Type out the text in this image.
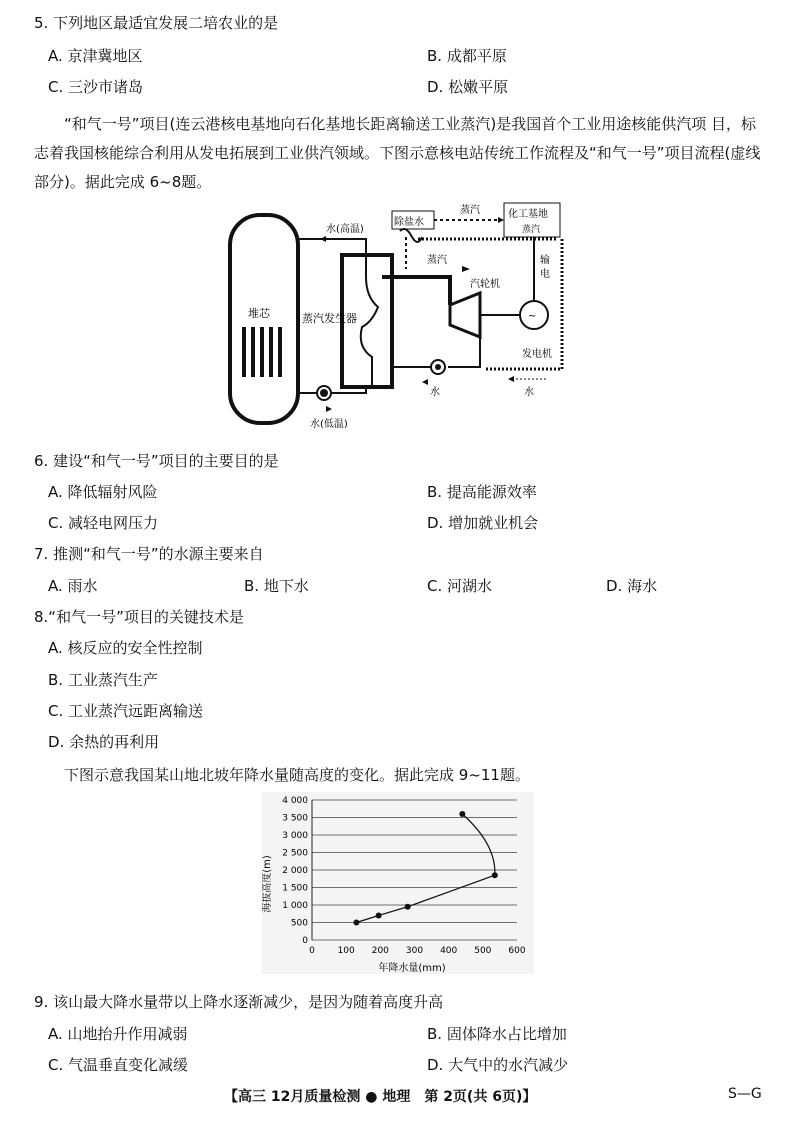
5. 下列地区最适宜发展二培农业的是
A. 京津冀地区	B. 成都平原
C. 三沙市诸岛	D. 松嫩平原
“和气一号”项目(连云港核电基地向石化基地长距离输送工业蒸汽)是我国首个工业用途核能供汽项 目，标志着我国核能综合利用从发电拓展到工业供汽领域。下图示意核电站传统工作流程及“和气一号”项目流程(虚线部分)。据此完成 6~8题。
堆芯
水(高温)
蒸汽发生器
水(低温)
蒸汽
汽轮机
~
发电机
输
电
水
除盐水
化工基地
蒸汽
蒸汽
水
6. 建设“和气一号”项目的主要目的是
A. 降低辐射风险	B. 提高能源效率
C. 减轻电网压力	D. 增加就业机会
7. 推测“和气一号”的水源主要来自
A. 雨水	B. 地下水	C. 河湖水	D. 海水
8.“和气一号”项目的关键技术是
A. 核反应的安全性控制
B. 工业蒸汽生产
C. 工业蒸汽远距离输送
D. 余热的再利用
下图示意我国某山地北坡年降水量随高度的变化。据此完成 9~11题。
0
500
1 000
1 500
2 000
2 500
3 000
3 500
4 000
0	100 200 300 400 500 600
年降水量(mm)
海拔高度(m)
9. 该山最大降水量带以上降水逐渐减少，是因为随着高度升高
A. 山地抬升作用减弱	B. 固体降水占比增加
C. 气温垂直变化减缓	D. 大气中的水汽减少
【高三 12月质量检测 ● 地理　第 2页(共 6页)】	S—G
